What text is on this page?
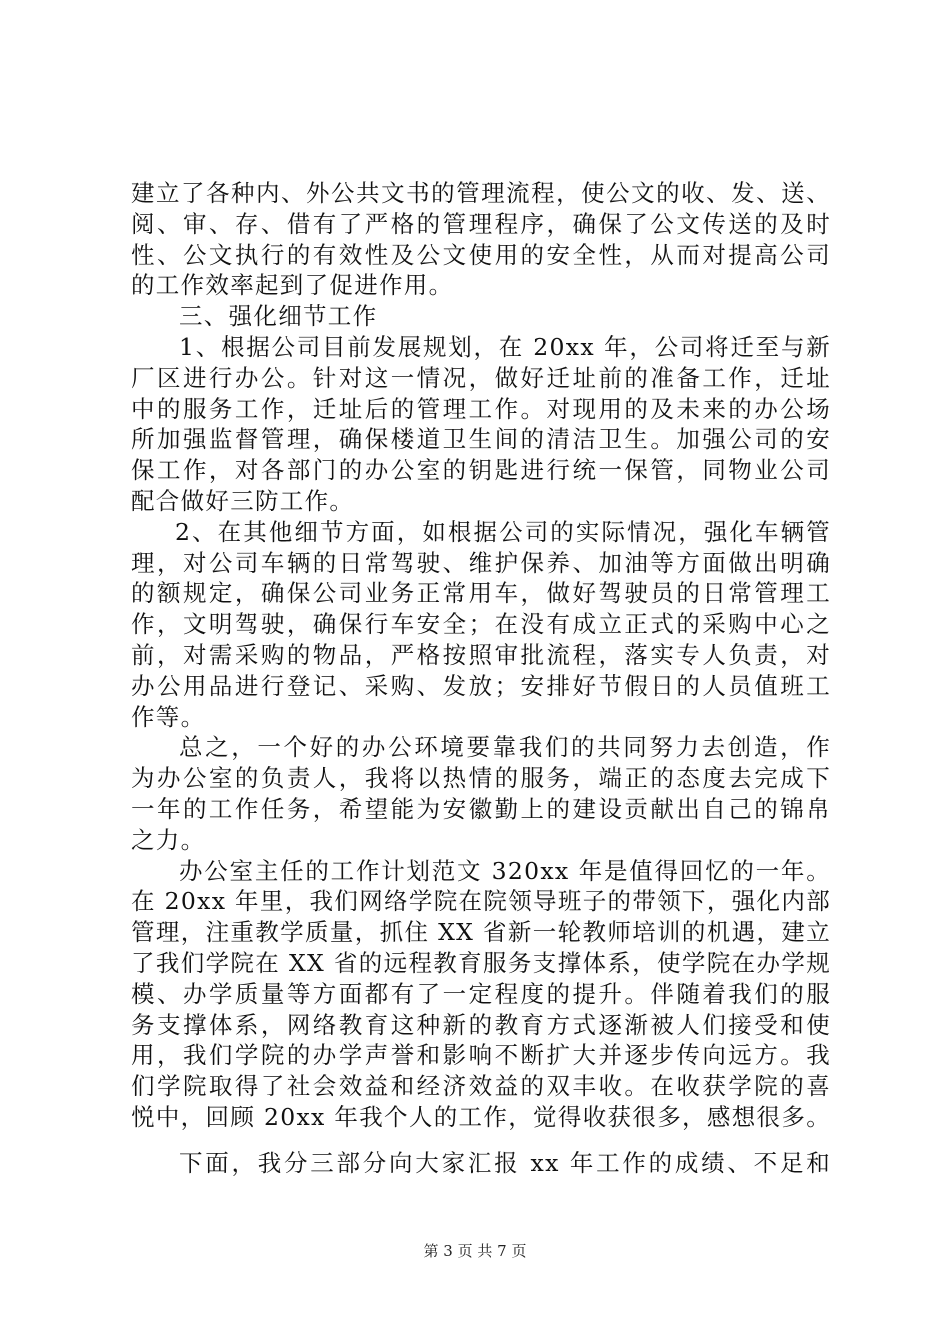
建立了各种内、外公共文书的管理流程，使公文的收、发、送、
阅、审、存、借有了严格的管理程序，确保了公文传送的及时
性、公文执行的有效性及公文使用的安全性，从而对提高公司
的工作效率起到了促进作用。
三、强化细节工作
1、根据公司目前发展规划，在 20xx 年，公司将迁至与新
厂区进行办公。针对这一情况，做好迁址前的准备工作，迁址
中的服务工作，迁址后的管理工作。对现用的及未来的办公场
所加强监督管理，确保楼道卫生间的清洁卫生。加强公司的安
保工作，对各部门的办公室的钥匙进行统一保管，同物业公司
配合做好三防工作。
2、在其他细节方面，如根据公司的实际情况，强化车辆管
理，对公司车辆的日常驾驶、维护保养、加油等方面做出明确
的额规定，确保公司业务正常用车，做好驾驶员的日常管理工
作，文明驾驶，确保行车安全；在没有成立正式的采购中心之
前，对需采购的物品，严格按照审批流程，落实专人负责，对
办公用品进行登记、采购、发放；安排好节假日的人员值班工
作等。
总之，一个好的办公环境要靠我们的共同努力去创造，作
为办公室的负责人，我将以热情的服务，端正的态度去完成下
一年的工作任务，希望能为安徽勤上的建设贡献出自己的锦帛
之力。
办公室主任的工作计划范文 320xx 年是值得回忆的一年。
在 20xx 年里，我们网络学院在院领导班子的带领下，强化内部
管理，注重教学质量，抓住 XX 省新一轮教师培训的机遇，建立
了我们学院在 XX 省的远程教育服务支撑体系，使学院在办学规
模、办学质量等方面都有了一定程度的提升。伴随着我们的服
务支撑体系，网络教育这种新的教育方式逐渐被人们接受和使
用，我们学院的办学声誉和影响不断扩大并逐步传向远方。我
们学院取得了社会效益和经济效益的双丰收。在收获学院的喜
悦中，回顾 20xx 年我个人的工作，觉得收获很多，感想很多。
下面，我分三部分向大家汇报 xx 年工作的成绩、不足和
第 3 页 共 7 页
